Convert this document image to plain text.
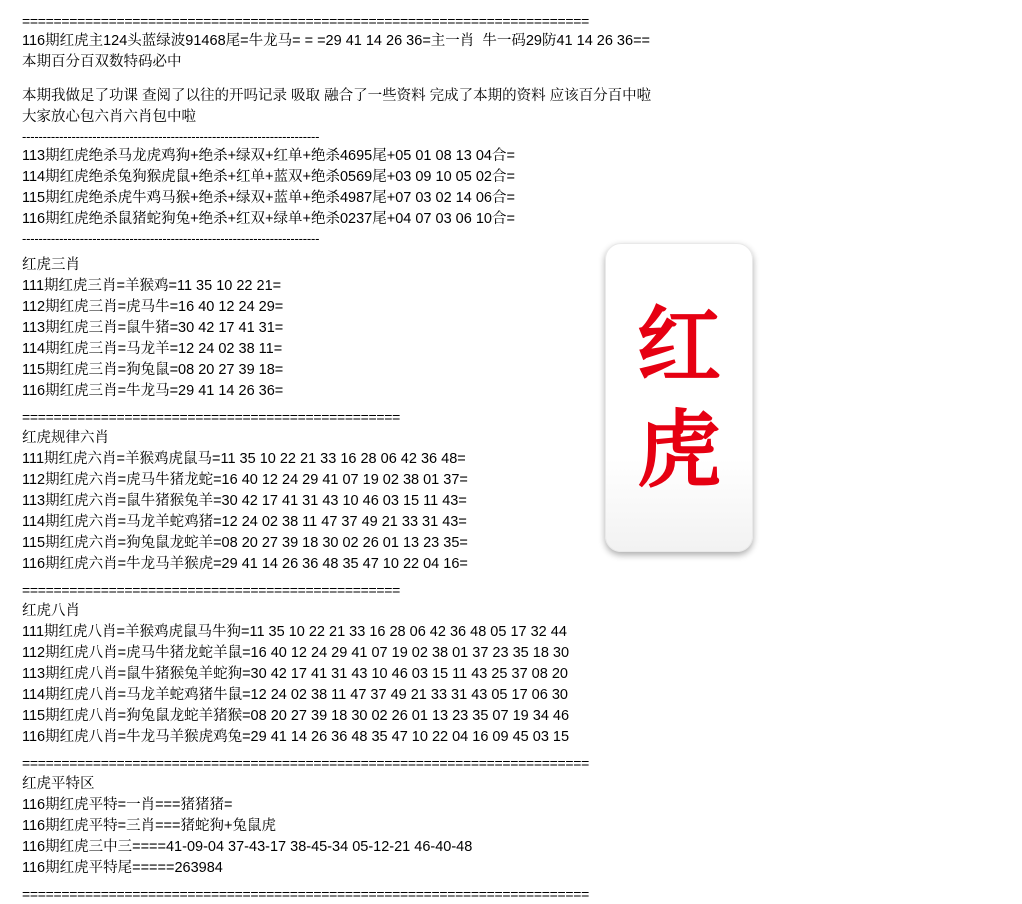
========================================================================
116期红虎主124头蓝绿波91468尾=牛龙马= = =29 41 14 26 36=主一肖  牛一码29防41 14 26 36==
本期百分百双数特码必中
本期我做足了功课 查阅了以往的开吗记录 吸取 融合了一些资料 完成了本期的资料 应该百分百中啦
大家放心包六肖六肖包中啦
------------------------------------------------------------------------
113期红虎绝杀马龙虎鸡狗+绝杀+绿双+红单+绝杀4695尾+05 01 08 13 04合=
114期红虎绝杀兔狗猴虎鼠+绝杀+红单+蓝双+绝杀0569尾+03 09 10 05 02合=
115期红虎绝杀虎牛鸡马猴+绝杀+绿双+蓝单+绝杀4987尾+07 03 02 14 06合=
116期红虎绝杀鼠猪蛇狗兔+绝杀+红双+绿单+绝杀0237尾+04 07 03 06 10合=
------------------------------------------------------------------------
红虎三肖
111期红虎三肖=羊猴鸡=11 35 10 22 21=
112期红虎三肖=虎马牛=16 40 12 24 29=
113期红虎三肖=鼠牛猪=30 42 17 41 31=
114期红虎三肖=马龙羊=12 24 02 38 11=
115期红虎三肖=狗兔鼠=08 20 27 39 18=
116期红虎三肖=牛龙马=29 41 14 26 36=
================================================
红虎规律六肖
111期红虎六肖=羊猴鸡虎鼠马=11 35 10 22 21 33 16 28 06 42 36 48=
112期红虎六肖=虎马牛猪龙蛇=16 40 12 24 29 41 07 19 02 38 01 37=
113期红虎六肖=鼠牛猪猴兔羊=30 42 17 41 31 43 10 46 03 15 11 43=
114期红虎六肖=马龙羊蛇鸡猪=12 24 02 38 11 47 37 49 21 33 31 43=
115期红虎六肖=狗兔鼠龙蛇羊=08 20 27 39 18 30 02 26 01 13 23 35=
116期红虎六肖=牛龙马羊猴虎=29 41 14 26 36 48 35 47 10 22 04 16=
================================================
红虎八肖
111期红虎八肖=羊猴鸡虎鼠马牛狗=11 35 10 22 21 33 16 28 06 42 36 48 05 17 32 44
112期红虎八肖=虎马牛猪龙蛇羊鼠=16 40 12 24 29 41 07 19 02 38 01 37 23 35 18 30
113期红虎八肖=鼠牛猪猴兔羊蛇狗=30 42 17 41 31 43 10 46 03 15 11 43 25 37 08 20
114期红虎八肖=马龙羊蛇鸡猪牛鼠=12 24 02 38 11 47 37 49 21 33 31 43 05 17 06 30
115期红虎八肖=狗兔鼠龙蛇羊猪猴=08 20 27 39 18 30 02 26 01 13 23 35 07 19 34 46
116期红虎八肖=牛龙马羊猴虎鸡兔=29 41 14 26 36 48 35 47 10 22 04 16 09 45 03 15
========================================================================
红虎平特区
116期红虎平特=一肖===猪猪猪=
116期红虎平特=三肖===猪蛇狗+兔鼠虎
116期红虎三中三====41-09-04 37-43-17 38-45-34 05-12-21 46-40-48
116期红虎平特尾=====263984
========================================================================
红
虎
